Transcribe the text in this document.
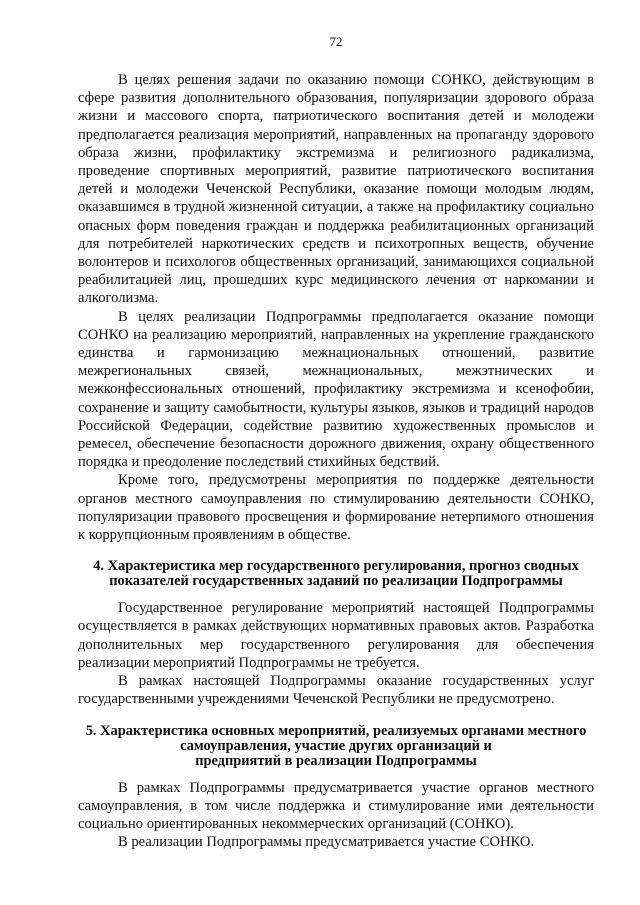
72

В целях решения задачи по оказанию помощи СОНКО, действующим в сфере развития дополнительного образования, популяризации здорового образа жизни и массового спорта, патриотического воспитания детей и молодежи предполагается реализация мероприятий, направленных на пропаганду здорового образа жизни, профилактику экстремизма и религиозного радикализма, проведение спортивных мероприятий, развитие патриотического воспитания детей и молодежи Чеченской Республики, оказание помощи молодым людям, оказавшимся в трудной жизненной ситуации, а также на профилактику социально опасных форм поведения граждан и поддержка реабилитационных организаций для потребителей наркотических средств и психотропных веществ, обучение волонтеров и психологов общественных организаций, занимающихся социальной реабилитацией лиц, прошедших курс медицинского лечения от наркомании и алкоголизма.

В целях реализации Подпрограммы предполагается оказание помощи СОНКО на реализацию мероприятий, направленных на укрепление гражданского единства и гармонизацию межнациональных отношений, развитие межрегиональных связей, межнациональных, межэтнических и межконфессиональных отношений, профилактику экстремизма и ксенофобии, сохранение и защиту самобытности, культуры языков, языков и традиций народов Российской Федерации, содействие развитию художественных промыслов и ремесел, обеспечение безопасности дорожного движения, охрану общественного порядка и преодоление последствий стихийных бедствий.

Кроме того, предусмотрены мероприятия по поддержке деятельности органов местного самоуправления по стимулированию деятельности СОНКО, популяризации правового просвещения и формирование нетерпимого отношения к коррупционным проявлениям в обществе.

4. Характеристика мер государственного регулирования, прогноз сводных
показателей государственных заданий по реализации Подпрограммы

Государственное регулирование мероприятий настоящей Подпрограммы осуществляется в рамках действующих нормативных правовых актов. Разработка дополнительных мер государственного регулирования для обеспечения реализации мероприятий Подпрограммы не требуется.

В рамках настоящей Подпрограммы оказание государственных услуг государственными учреждениями Чеченской Республики не предусмотрено.

5. Характеристика основных мероприятий, реализуемых органами местного
самоуправления, участие других организаций и
предприятий в реализации Подпрограммы

В рамках Подпрограммы предусматривается участие органов местного самоуправления, в том числе поддержка и стимулирование ими деятельности социально ориентированных некоммерческих организаций (СОНКО).

В реализации Подпрограммы предусматривается участие СОНКО.
